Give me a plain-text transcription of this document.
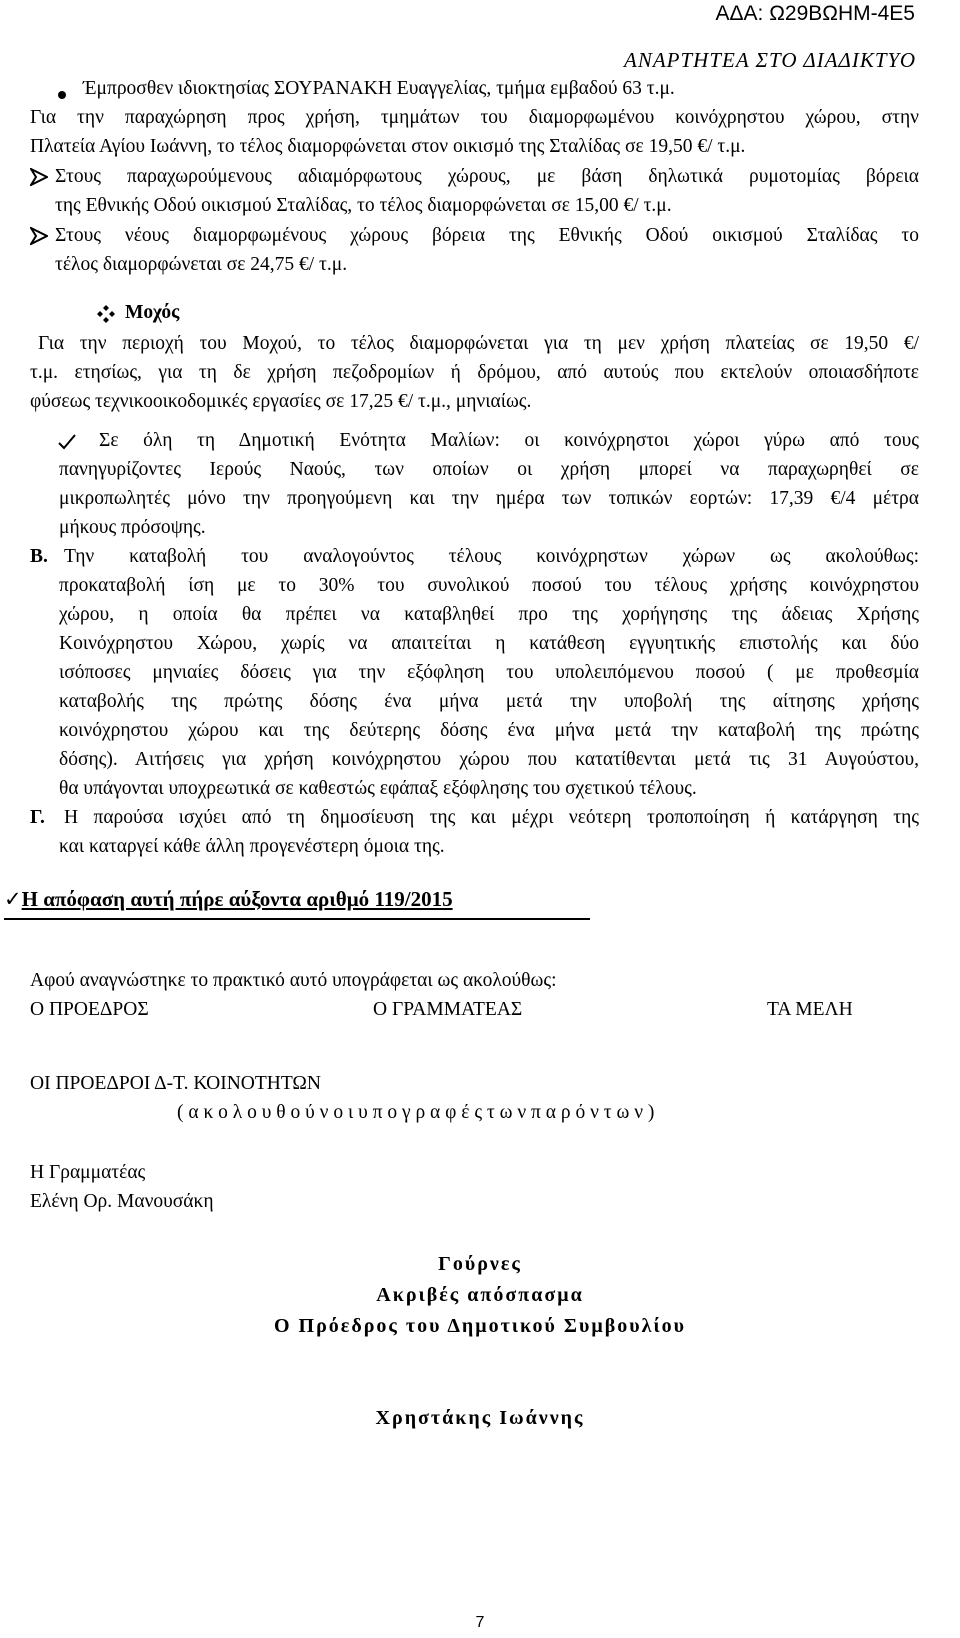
ΑΔΑ: Ω29ΒΩΗΜ-4Ε5
ΑΝΑΡΤΗΤΕΑ ΣΤΟ ΔΙΑΔΙΚΤΥΟ
Έμπροσθεν ιδιοκτησίας ΣΟΥΡΑΝΑΚΗ Ευαγγελίας, τμήμα εμβαδού 63 τ.μ.
Για την παραχώρηση προς χρήση, τμημάτων του διαμορφωμένου κοινόχρηστου χώρου, στην
Πλατεία Αγίου Ιωάννη, το τέλος διαμορφώνεται στον οικισμό της Σταλίδας σε 19,50 €/ τ.μ.
Στους παραχωρούμενους αδιαμόρφωτους χώρους, με βάση δηλωτικά ρυμοτομίας βόρεια
της Εθνικής Οδού οικισμού Σταλίδας, το τέλος διαμορφώνεται σε 15,00 €/ τ.μ.
Στους νέους διαμορφωμένους χώρους βόρεια της Εθνικής Οδού οικισμού Σταλίδας το
τέλος διαμορφώνεται σε 24,75 €/ τ.μ.
Μοχός
Για την περιοχή του Μοχού, το τέλος διαμορφώνεται για τη μεν χρήση πλατείας σε 19,50 €/
τ.μ. ετησίως, για τη δε χρήση πεζοδρομίων ή δρόμου, από αυτούς που εκτελούν οποιασδήποτε
φύσεως τεχνικοοικοδομικές εργασίες σε 17,25 €/ τ.μ., μηνιαίως.
Σε όλη τη Δημοτική Ενότητα Μαλίων: οι κοινόχρηστοι χώροι γύρω από τους
πανηγυρίζοντες Ιερούς Ναούς, των οποίων οι χρήση μπορεί να παραχωρηθεί σε
μικροπωλητές μόνο την προηγούμενη και την ημέρα των τοπικών εορτών: 17,39 €/4 μέτρα
μήκους πρόσοψης.
Β. Την καταβολή του αναλογούντος τέλους κοινόχρηστων χώρων ως ακολούθως:
προκαταβολή ίση με το 30% του συνολικού ποσού του τέλους χρήσης κοινόχρηστου
χώρου, η οποία θα πρέπει να καταβληθεί προ της χορήγησης της άδειας Χρήσης
Κοινόχρηστου Χώρου, χωρίς να απαιτείται η κατάθεση εγγυητικής επιστολής και δύο
ισόποσες μηνιαίες δόσεις για την εξόφληση του υπολειπόμενου ποσού ( με προθεσμία
καταβολής της πρώτης δόσης ένα μήνα μετά την υποβολή της αίτησης χρήσης
κοινόχρηστου χώρου και της δεύτερης δόσης ένα μήνα μετά την καταβολή της πρώτης
δόσης). Αιτήσεις για χρήση κοινόχρηστου χώρου που κατατίθενται μετά τις 31 Αυγούστου,
θα υπάγονται υποχρεωτικά σε καθεστώς εφάπαξ εξόφλησης του σχετικού τέλους.
Γ. Η παρούσα ισχύει από τη δημοσίευση της και μέχρι νεότερη τροποποίηση ή κατάργηση της
και καταργεί κάθε άλλη προγενέστερη όμοια της.
✓Η απόφαση αυτή πήρε αύξοντα αριθμό 119/2015
Αφού αναγνώστηκε το πρακτικό αυτό υπογράφεται ως ακολούθως:
Ο ΠΡΟΕΔΡΟΣ	Ο ΓΡΑΜΜΑΤΕΑΣ	ΤΑ ΜΕΛΗ
ΟΙ ΠΡΟΕΔΡΟΙ Δ-Τ. ΚΟΙΝΟΤΗΤΩΝ
( α κ ο λ ο υ θ ο ύ ν ο ι υ π ο γ ρ α φ έ ς τ ω ν π α ρ ό ν τ ω ν )
Η Γραμματέας
Ελένη Ορ. Μανουσάκη
Γούρνες
Ακριβές απόσπασμα
Ο Πρόεδρος του Δημοτικού Συμβουλίου
Χρηστάκης Ιωάννης
7
